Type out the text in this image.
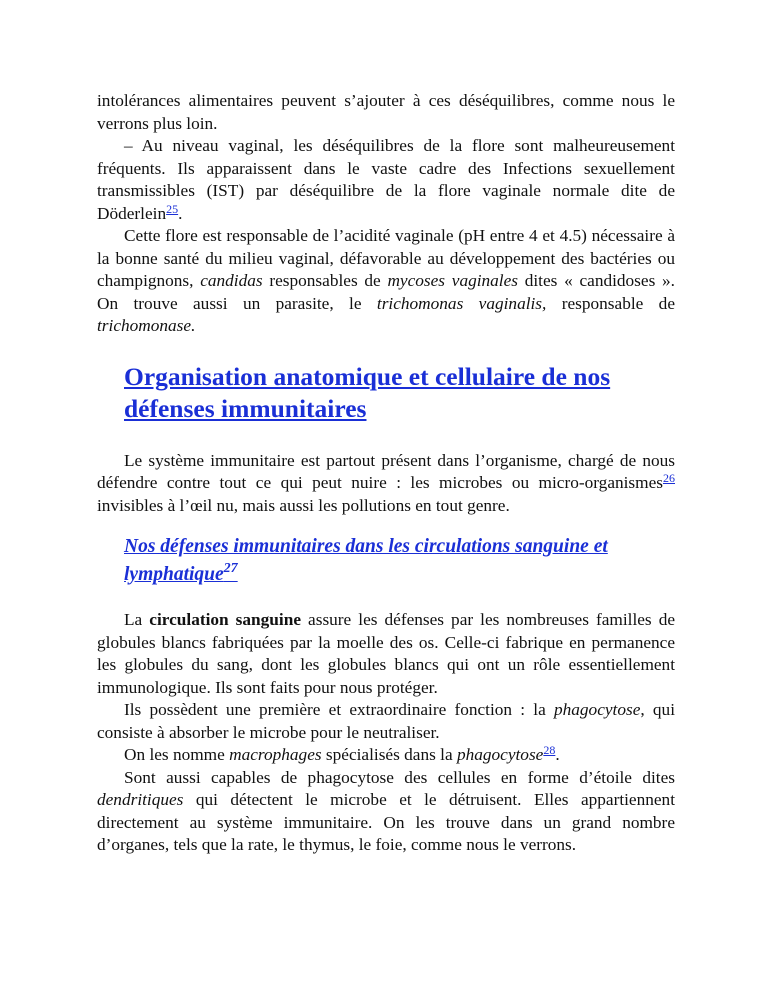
intolérances alimentaires peuvent s’ajouter à ces déséquilibres, comme nous le verrons plus loin.

– Au niveau vaginal, les déséquilibres de la flore sont malheureusement fréquents. Ils apparaissent dans le vaste cadre des Infections sexuellement transmissibles (IST) par déséquilibre de la flore vaginale normale dite de Döderlein$^{25}$.

Cette flore est responsable de l’acidité vaginale (pH entre 4 et 4.5) nécessaire à la bonne santé du milieu vaginal, défavorable au développement des bactéries ou champignons, candidas responsables de mycoses vaginales dites « candidoses ». On trouve aussi un parasite, le trichomonas vaginalis, responsable de trichomonase.

Organisation anatomique et cellulaire de nos défenses immunitaires

Le système immunitaire est partout présent dans l’organisme, chargé de nous défendre contre tout ce qui peut nuire : les microbes ou micro-organismes$^{26}$ invisibles à l’œil nu, mais aussi les pollutions en tout genre.

Nos défenses immunitaires dans les circulations sanguine et lymphatique$^{27}$

La circulation sanguine assure les défenses par les nombreuses familles de globules blancs fabriquées par la moelle des os. Celle-ci fabrique en permanence les globules du sang, dont les globules blancs qui ont un rôle essentiellement immunologique. Ils sont faits pour nous protéger.

Ils possèdent une première et extraordinaire fonction : la phagocytose, qui consiste à absorber le microbe pour le neutraliser.

On les nomme macrophages spécialisés dans la phagocytose$^{28}$.

Sont aussi capables de phagocytose des cellules en forme d’étoile dites dendritiques qui détectent le microbe et le détruisent. Elles appartiennent directement au système immunitaire. On les trouve dans un grand nombre d’organes, tels que la rate, le thymus, le foie, comme nous le verrons.
